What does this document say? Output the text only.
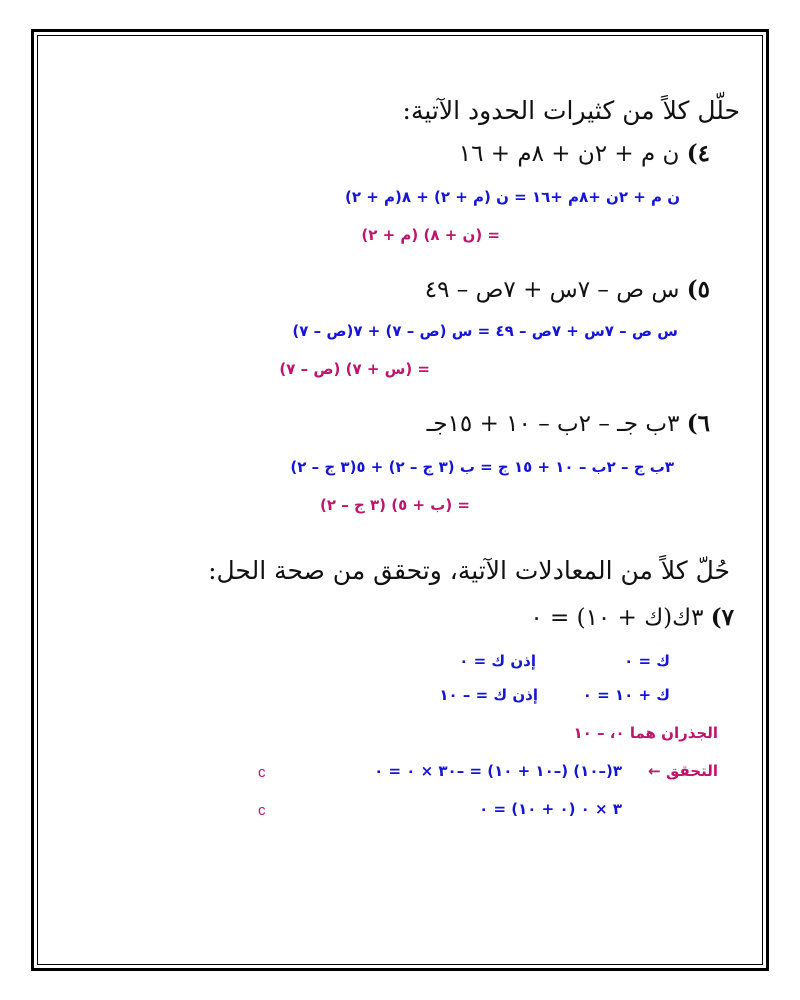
حلّل كلاً من كثيرات الحدود الآتية:
٤) ن م + ٢ن + ٨م + ١٦
ن م + ٢ن +٨م +١٦ = ن (م + ٢) + ٨(م + ٢)
= (ن + ٨) (م + ٢)
٥) س ص – ٧س + ٧ص – ٤٩
س ص – ٧س + ٧ص – ٤٩ = س (ص – ٧) + ٧(ص – ٧)
= (س + ٧) (ص – ٧)
٦) ٣ب جـ – ٢ب – ١٠ + ١٥جـ
٣ب ج – ٢ب – ١٠ + ١٥ ج = ب (٣ ج – ٢) + ٥(٣ ج – ٢)
= (ب + ٥) (٣ ج – ٢)
حُلّ كلاً من المعادلات الآتية، وتحقق من صحة الحل:
٧) ٣ك(ك + ١٠) = ٠
ك = ٠
إذن ك = ٠
ك + ١٠ = ٠
إذن ك = – ١٠
الجذران هما ٠، – ١٠
التحقق ←
٣(–١٠) (–١٠ + ١٠) = –٣٠ × ٠ = ٠
c
٣ × ٠ (٠ + ١٠) = ٠
c
